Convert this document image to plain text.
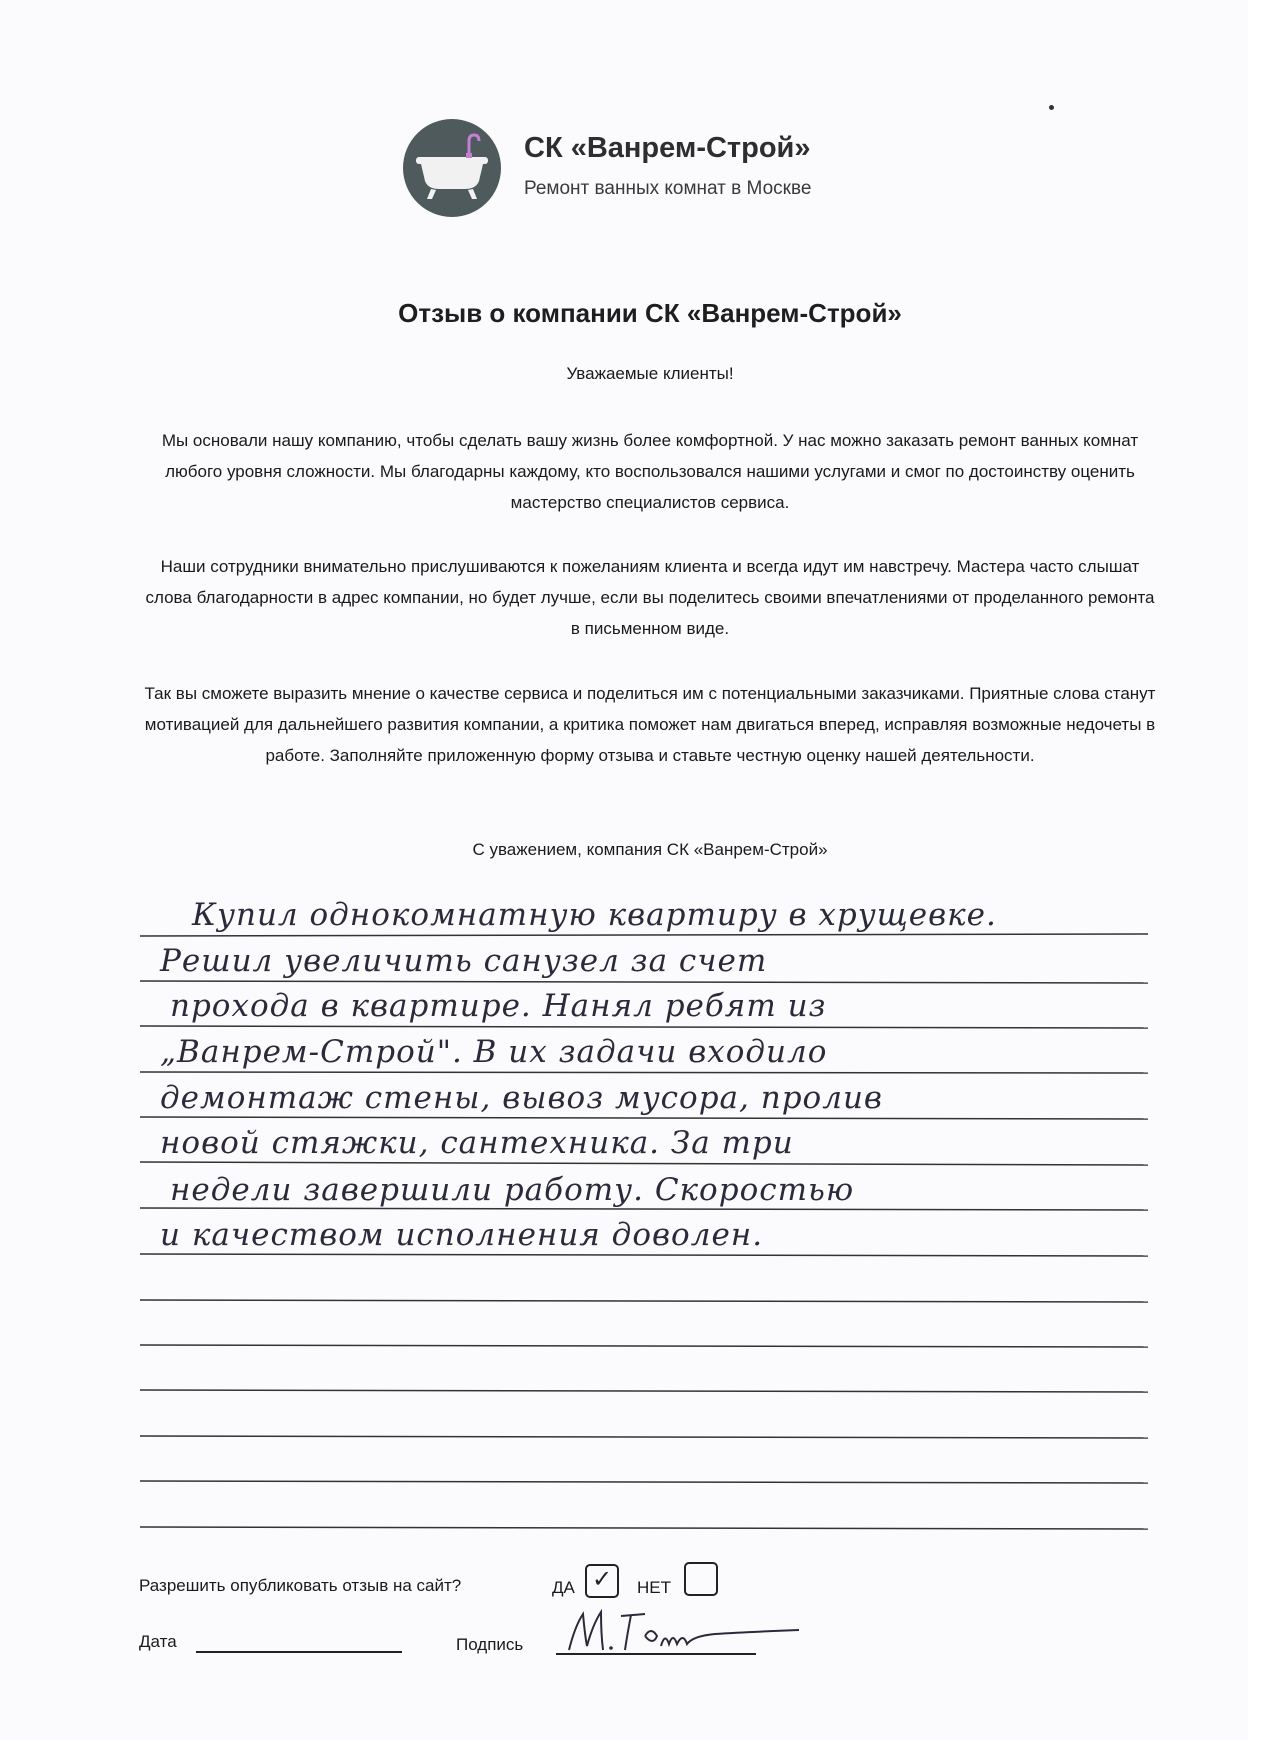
СК «Ванрем-Строй»
Ремонт ванных комнат в Москве
Отзыв о компании СК «Ванрем-Строй»
Уважаемые клиенты!
Мы основали нашу компанию, чтобы сделать вашу жизнь более комфортной. У нас можно заказать ремонт ванных комнат любого уровня сложности. Мы благодарны каждому, кто воспользовался нашими услугами и смог по достоинству оценить мастерство специалистов сервиса.
Наши сотрудники внимательно прислушиваются к пожеланиям клиента и всегда идут им навстречу. Мастера часто слышат слова благодарности в адрес компании, но будет лучше, если вы поделитесь своими впечатлениями от проделанного ремонта в письменном виде.
Так вы сможете выразить мнение о качестве сервиса и поделиться им с потенциальными заказчиками. Приятные слова станут мотивацией для дальнейшего развития компании, а критика поможет нам двигаться вперед, исправляя возможные недочеты в работе. Заполняйте приложенную форму отзыва и ставьте честную оценку нашей деятельности.
С уважением, компания СК «Ванрем-Строй»
Купил однокомнатную квартиру в хрущевке.
Решил увеличить санузел за счет
прохода в квартире. Нанял ребят из
„Ванрем-Строй". В их задачи входило
демонтаж стены, вывоз мусора, пролив
новой стяжки, сантехника. За три
недели завершили работу. Скоростью
и качеством исполнения доволен.
Разрешить опубликовать отзыв на сайт?	ДА ✓ НЕТ
Дата	Подпись
